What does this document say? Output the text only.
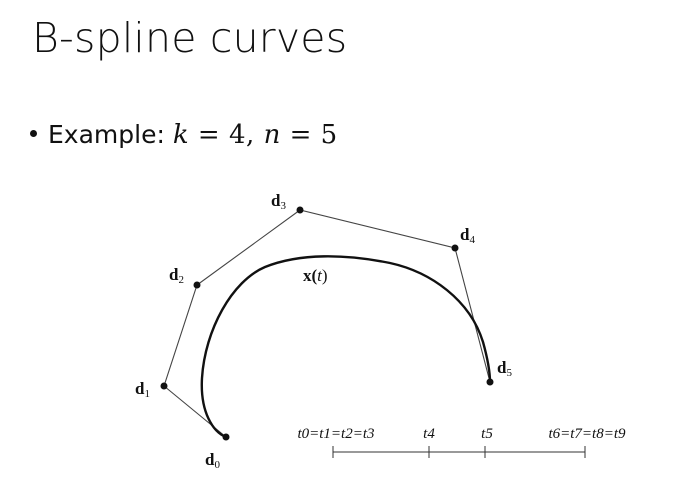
B-spline curves
Example: k = 4, n = 5
d0
d1
d2
d3
d4
d5
x(t)
t0=t1=t2=t3	t4	t5	t6=t7=t8=t9
